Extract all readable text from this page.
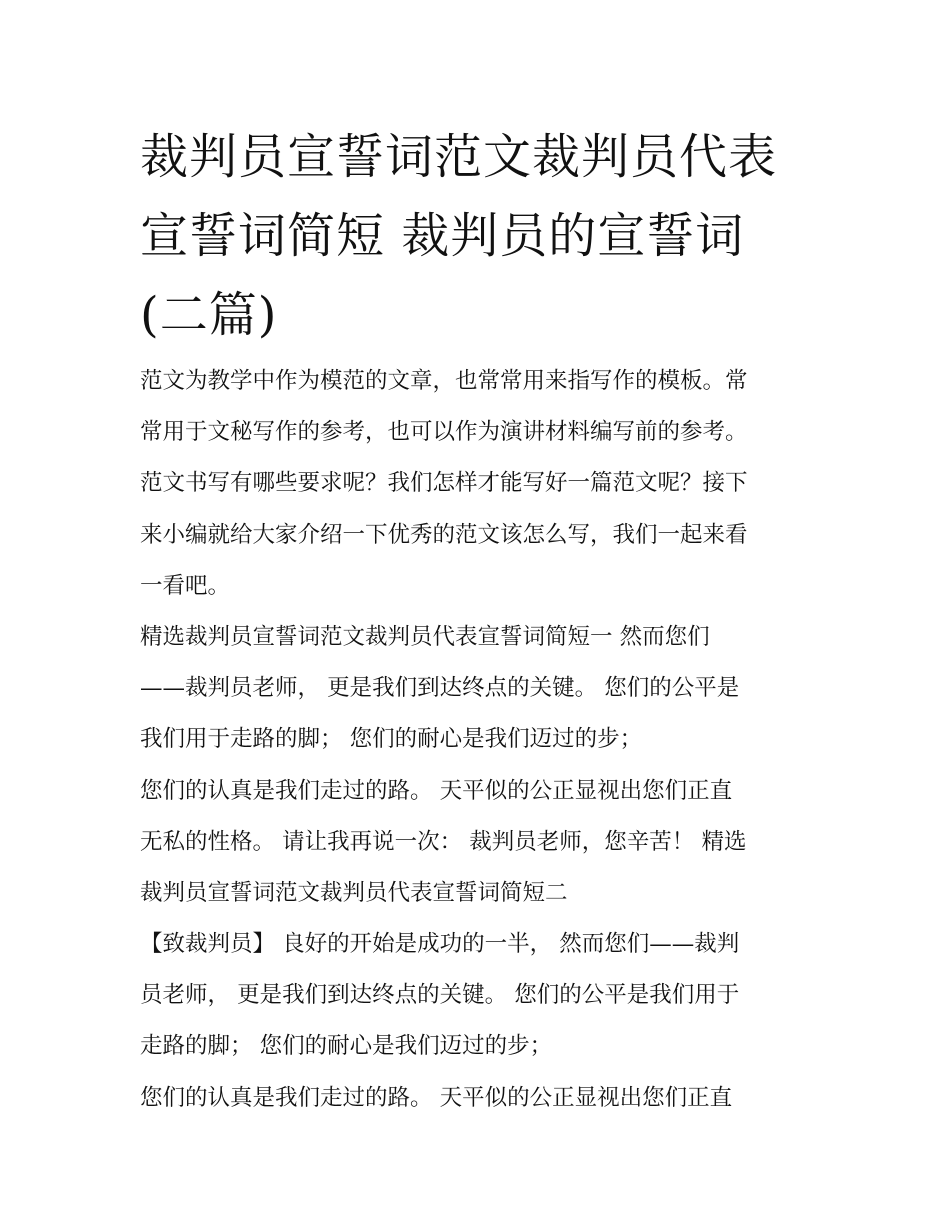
裁判员宣誓词范文裁判员代表
宣誓词简短 裁判员的宣誓词
(二篇)
范文为教学中作为模范的文章，也常常用来指写作的模板。常
常用于文秘写作的参考，也可以作为演讲材料编写前的参考。
范文书写有哪些要求呢？我们怎样才能写好一篇范文呢？接下
来小编就给大家介绍一下优秀的范文该怎么写，我们一起来看
一看吧。
精选裁判员宣誓词范文裁判员代表宣誓词简短一 然而您们
——裁判员老师， 更是我们到达终点的关键。 您们的公平是
我们用于走路的脚； 您们的耐心是我们迈过的步；
您们的认真是我们走过的路。 天平似的公正显视出您们正直
无私的性格。 请让我再说一次： 裁判员老师，您辛苦！ 精选
裁判员宣誓词范文裁判员代表宣誓词简短二
【致裁判员】 良好的开始是成功的一半， 然而您们——裁判
员老师， 更是我们到达终点的关键。 您们的公平是我们用于
走路的脚； 您们的耐心是我们迈过的步；
您们的认真是我们走过的路。 天平似的公正显视出您们正直
